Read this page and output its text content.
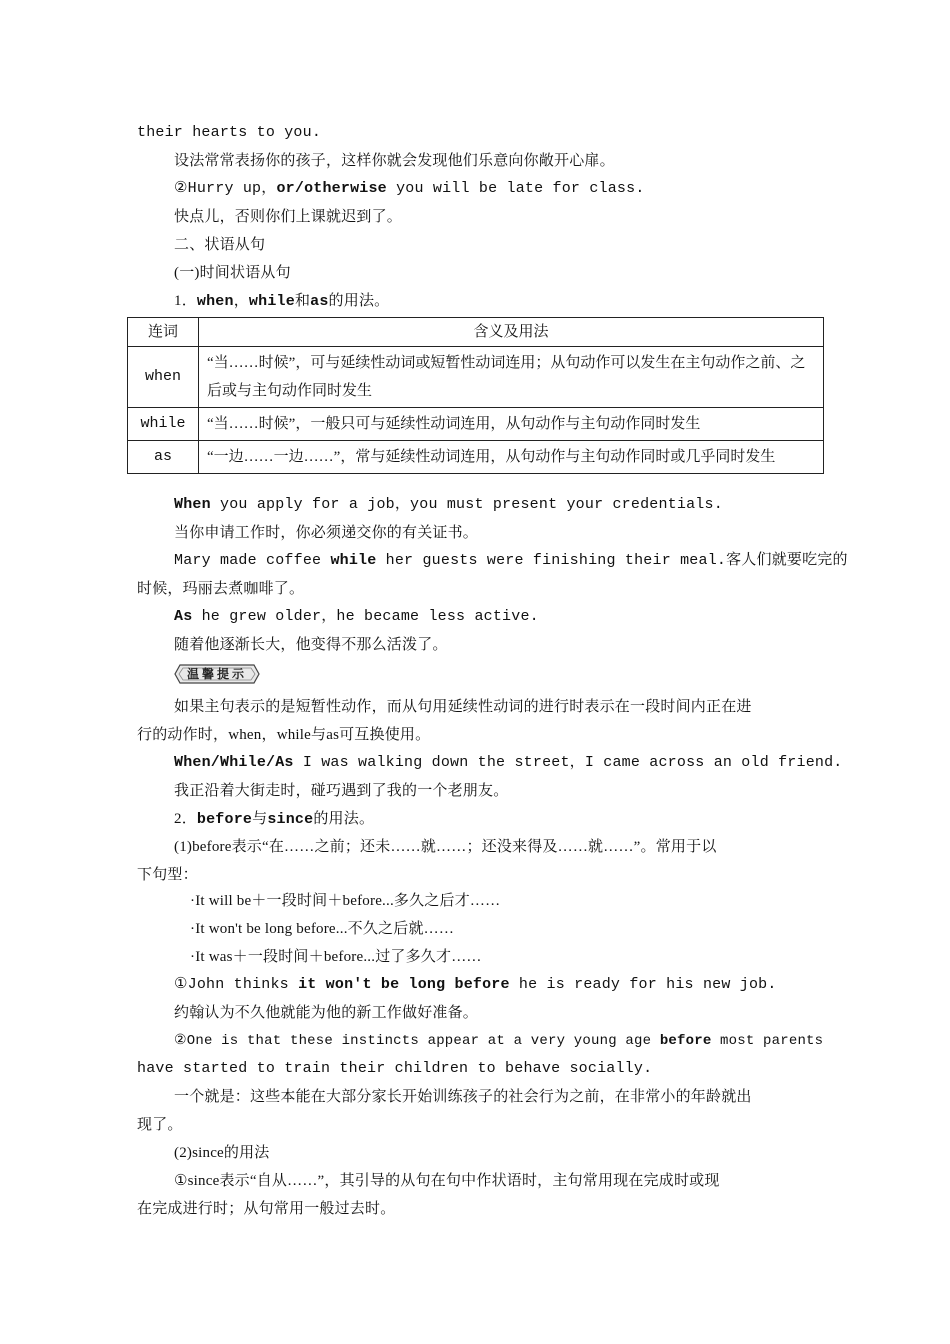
their hearts to you.
设法常常表扬你的孩子，这样你就会发现他们乐意向你敞开心扉。
②Hurry up，or/otherwise you will be late for class.
快点儿，否则你们上课就迟到了。
二、状语从句
(一)时间状语从句
1．when，while和as的用法。
连词	含义及用法
when	“当……时候”，可与延续性动词或短暂性动词连用；从句动作可以发生在主句动作之前、之后或与主句动作同时发生
while	“当……时候”，一般只可与延续性动词连用，从句动作与主句动作同时发生
as	“一边……一边……”，常与延续性动词连用，从句动作与主句动作同时或几乎同时发生
When you apply for a job，you must present your credentials.
当你申请工作时，你必须递交你的有关证书。
Mary made coffee while her guests were finishing their meal.客人们就要吃完的
时候，玛丽去煮咖啡了。
As he grew older，he became less active.
随着他逐渐长大，他变得不那么活泼了。
温馨提示
如果主句表示的是短暂性动作，而从句用延续性动词的进行时表示在一段时间内正在进
行的动作时，when，while与as可互换使用。
When/While/As I was walking down the street，I came across an old friend.
我正沿着大街走时，碰巧遇到了我的一个老朋友。
2．before与since的用法。
(1)before表示“在……之前；还未……就……；还没来得及……就……”。常用于以
下句型：
·It will be＋一段时间＋before...多久之后才……
·It won't be long before...不久之后就……
·It was＋一段时间＋before...过了多久才……
①John thinks it won't be long before he is ready for his new job.
约翰认为不久他就能为他的新工作做好准备。
②One is that these instincts appear at a very young age before most parents
have started to train their children to behave socially.
一个就是：这些本能在大部分家长开始训练孩子的社会行为之前，在非常小的年龄就出
现了。
(2)since的用法
①since表示“自从……”，其引导的从句在句中作状语时，主句常用现在完成时或现
在完成进行时；从句常用一般过去时。
